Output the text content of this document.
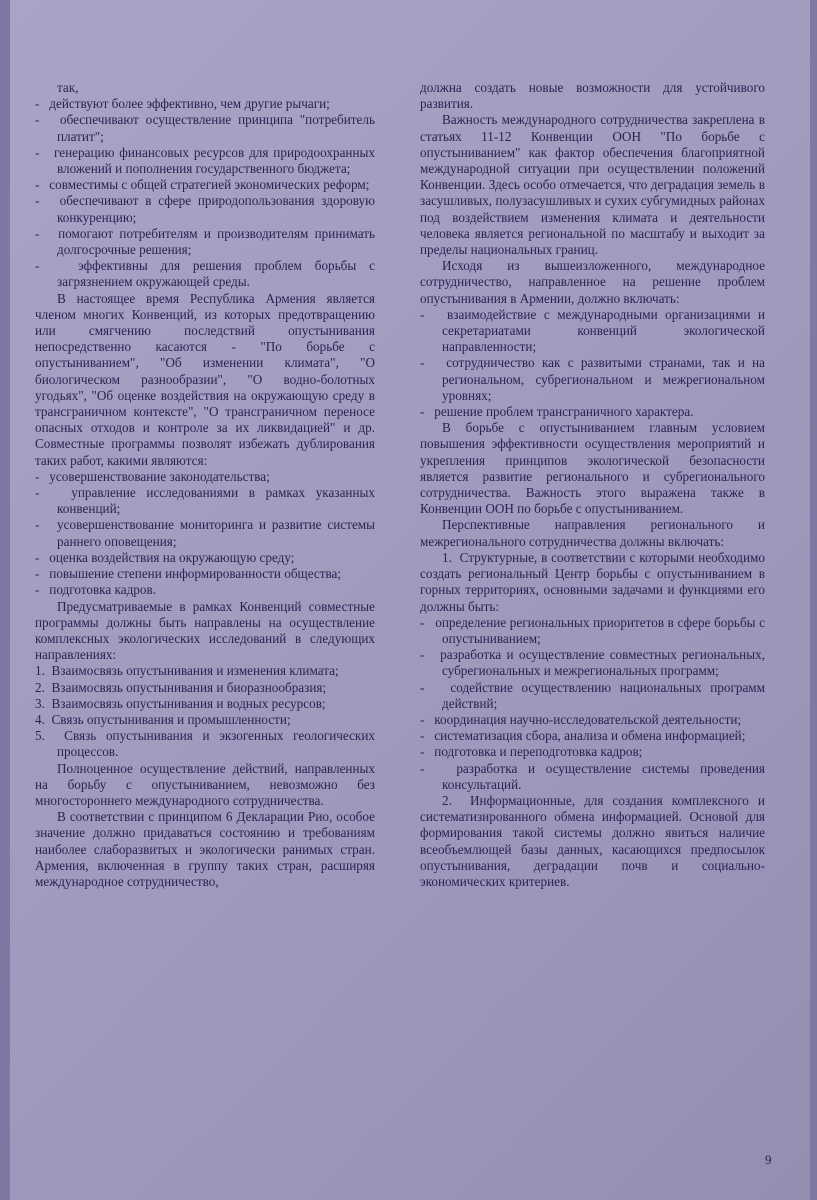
так,
-   действуют более эффективно, чем другие рычаги;
-   обеспечивают осуществление принципа "потребитель платит";
-   генерацию финансовых ресурсов для природоохранных вложений и пополнения государственного бюджета;
-   совместимы с общей стратегией экономических реформ;
-   обеспечивают в сфере природопользования здоровую конкуренцию;
-   помогают потребителям и производителям принимать долгосрочные решения;
-   эффективны для решения проблем борьбы с загрязнением окружающей среды.
В настоящее время Республика Армения является членом многих Конвенций, из которых предотвращению или смягчению последствий опустынивания непосредственно касаются - "По борьбе с опустыниванием", "Об изменении климата", "О биологическом разнообразии", "О водно-болотных угодьях", "Об оценке воздействия на окружающую среду в трансграничном контексте", "О трансграничном переносе опасных отходов и контроле за их ликвидацией" и др. Совместные программы позволят избежать дублирования таких работ, какими являются:
-   усовершенствование законодательства;
-   управление исследованиями в рамках указанных конвенций;
-   усовершенствование мониторинга и развитие системы раннего оповещения;
-   оценка воздействия на окружающую среду;
-   повышение степени информированности общества;
-   подготовка кадров.
Предусматриваемые в рамках Конвенций совместные программы должны быть направлены на осуществление комплексных экологических исследований в следующих направлениях:
1.  Взаимосвязь опустынивания и изменения климата;
2.  Взаимосвязь опустынивания и биоразнообразия;
3.  Взаимосвязь опустынивания и водных ресурсов;
4.  Связь опустынивания и промышленности;
5.  Связь опустынивания и экзогенных геологических процессов.
Полноценное осуществление действий, направленных на борьбу с опустыниванием, невозможно без многостороннего международного сотрудничества.
В соответствии с принципом 6 Декларации Рио, особое значение должно придаваться состоянию и требованиям наиболее слаборазвитых и экологически ранимых стран. Армения, включенная в группу таких стран, расширяя международное сотрудничество,
должна создать новые возможности для устойчивого развития.
Важность международного сотрудничества закреплена в статьях 11-12 Конвенции ООН "По борьбе с опустыниванием" как фактор обеспечения благоприятной международной ситуации при осуществлении положений Конвенции. Здесь особо отмечается, что деградация земель в засушливых, полузасушливых и сухих субгумидных районах под воздействием изменения климата и деятельности человека является региональной по масштабу и выходит за пределы национальных границ.
Исходя из вышеизложенного, международное сотрудничество, направленное на решение проблем опустынивания в Армении, должно включать:
-   взаимодействие с международными организациями и секретариатами конвенций экологической направленности;
-   сотрудничество как с развитыми странами, так и на региональном, субрегиональном и межрегиональном уровнях;
-   решение проблем трансграничного характера.
В борьбе с опустыниванием главным условием повышения эффективности осуществления мероприятий и укрепления принципов экологической безопасности является развитие регионального и субрегионального сотрудничества. Важность этого выражена также в Конвенции ООН по борьбе с опустыниванием.
Перспективные направления регионального и межрегионального сотрудничества должны включать:
1.  Структурные, в соответствии с которыми необходимо создать региональный Центр борьбы с опустыниванием в горных территориях, основными задачами и функциями его должны быть:
-   определение региональных приоритетов в сфере борьбы с опустыниванием;
-   разработка и осуществление совместных региональных, субрегиональных и межрегиональных программ;
-   содействие осуществлению национальных программ действий;
-   координация научно-исследовательской деятельности;
-   систематизация сбора, анализа и обмена информацией;
-   подготовка и переподготовка кадров;
-   разработка и осуществление системы проведения консультаций.
2.  Информационные, для создания комплексного и систематизированного обмена информацией. Основой для формирования такой системы должно явиться наличие всеобъемлющей базы данных, касающихся предпосылок опустынивания, деградации почв и социально-экономических критериев.
9
